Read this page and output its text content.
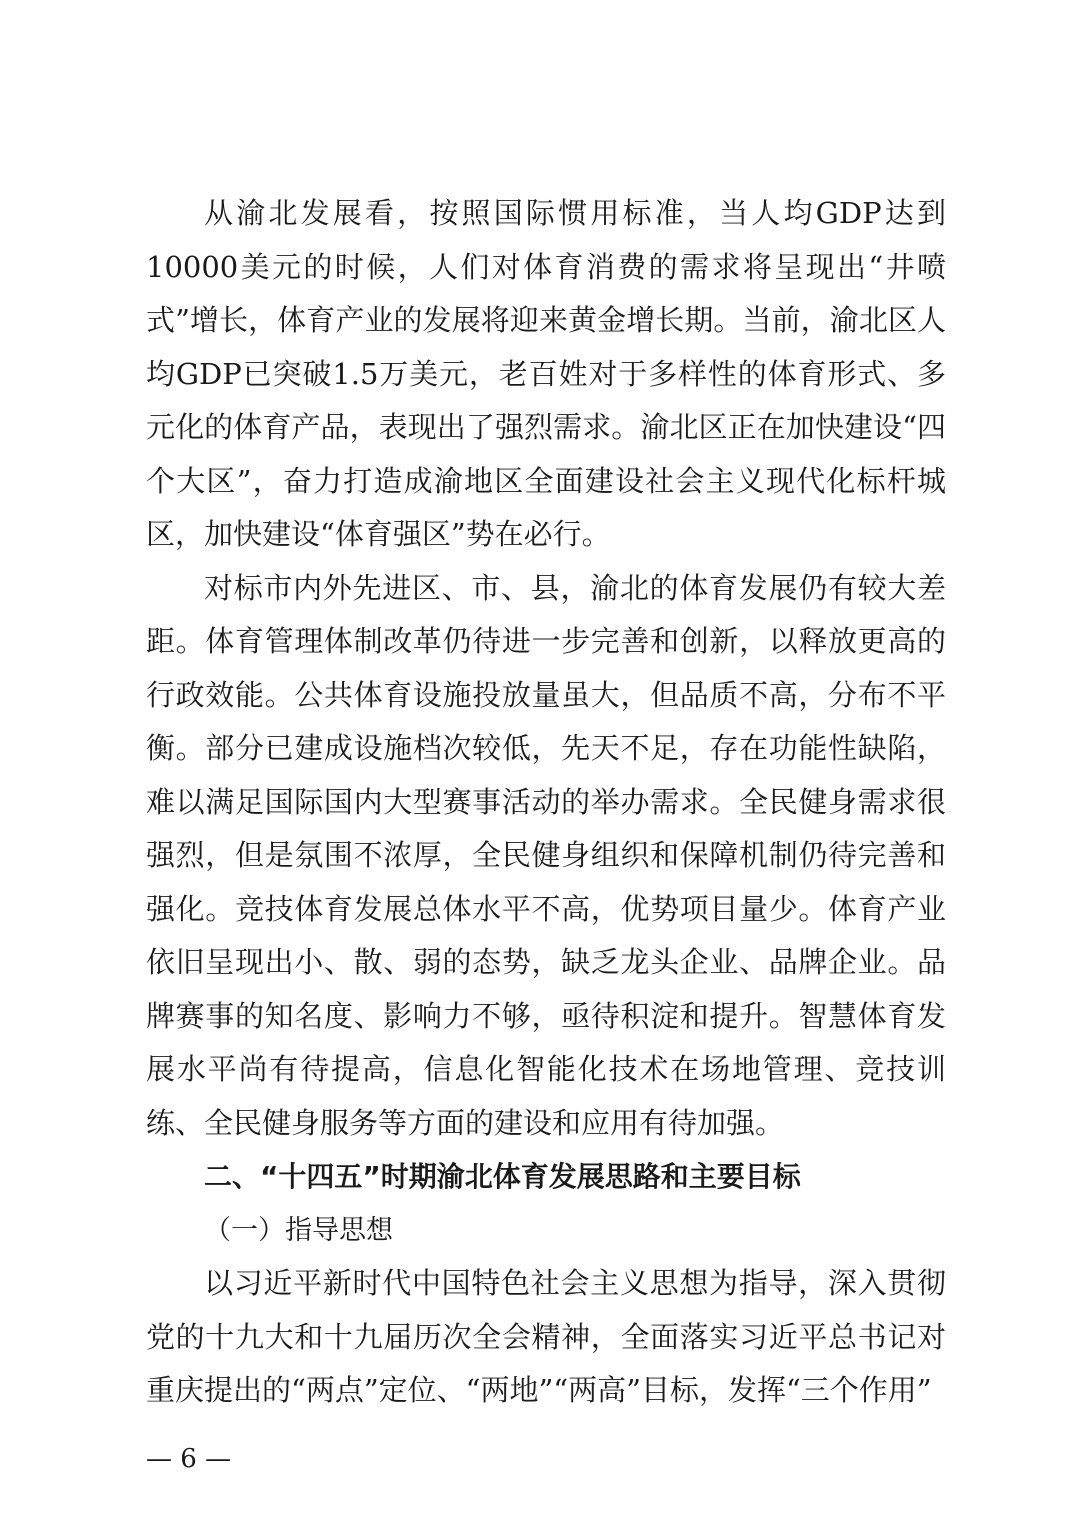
从渝北发展看，按照国际惯用标准，当人均GDP达到10000美元的时候，人们对体育消费的需求将呈现出“井喷式”增长，体育产业的发展将迎来黄金增长期。当前，渝北区人均GDP已突破1.5万美元，老百姓对于多样性的体育形式、多元化的体育产品，表现出了强烈需求。渝北区正在加快建设“四个大区”，奋力打造成渝地区全面建设社会主义现代化标杆城区，加快建设“体育强区”势在必行。

对标市内外先进区、市、县，渝北的体育发展仍有较大差距。体育管理体制改革仍待进一步完善和创新，以释放更高的行政效能。公共体育设施投放量虽大，但品质不高，分布不平衡。部分已建成设施档次较低，先天不足，存在功能性缺陷，难以满足国际国内大型赛事活动的举办需求。全民健身需求很强烈，但是氛围不浓厚，全民健身组织和保障机制仍待完善和强化。竞技体育发展总体水平不高，优势项目量少。体育产业依旧呈现出小、散、弱的态势，缺乏龙头企业、品牌企业。品牌赛事的知名度、影响力不够，亟待积淀和提升。智慧体育发展水平尚有待提高，信息化智能化技术在场地管理、竞技训练、全民健身服务等方面的建设和应用有待加强。

二、“十四五”时期渝北体育发展思路和主要目标

（一）指导思想

以习近平新时代中国特色社会主义思想为指导，深入贯彻党的十九大和十九届历次全会精神，全面落实习近平总书记对重庆提出的“两点”定位、“两地”“两高”目标，发挥“三个作用”

— 6 —
